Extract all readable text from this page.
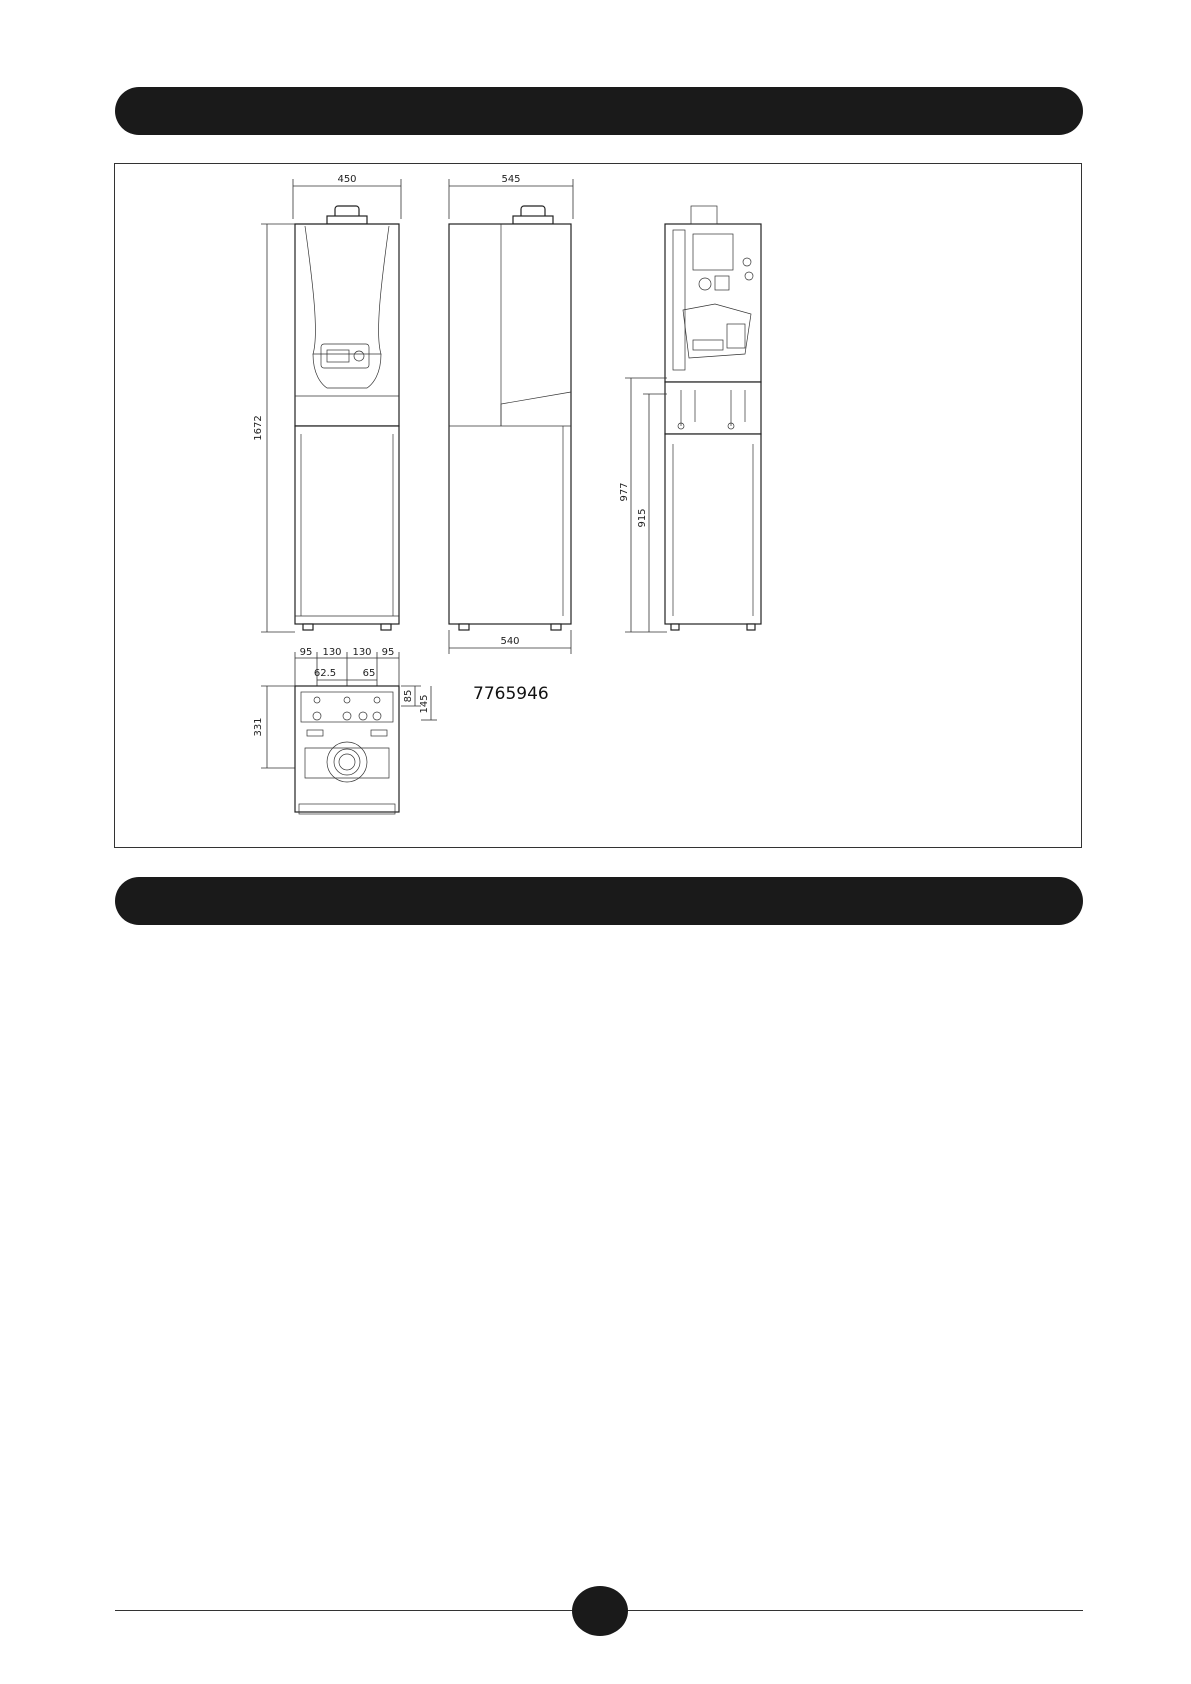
450
1672
545
540
977
915
95 130 130 95
62.5	65
331
85 145	7765946
